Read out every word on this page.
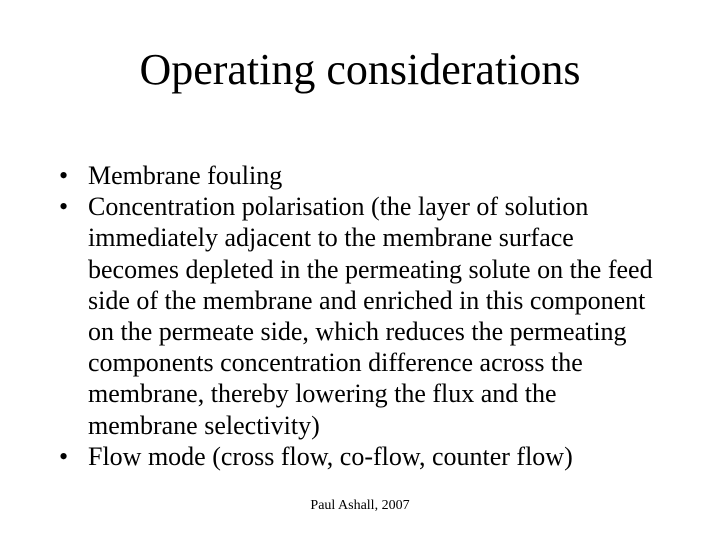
Operating considerations
• Membrane fouling
• Concentration polarisation (the layer of solution immediately adjacent to the membrane surface becomes depleted in the permeating solute on the feed side of the membrane and enriched in this component on the permeate side, which reduces the permeating components concentration difference across the membrane, thereby lowering the flux and the membrane selectivity)
• Flow mode (cross flow, co-flow, counter flow)
Paul Ashall, 2007
